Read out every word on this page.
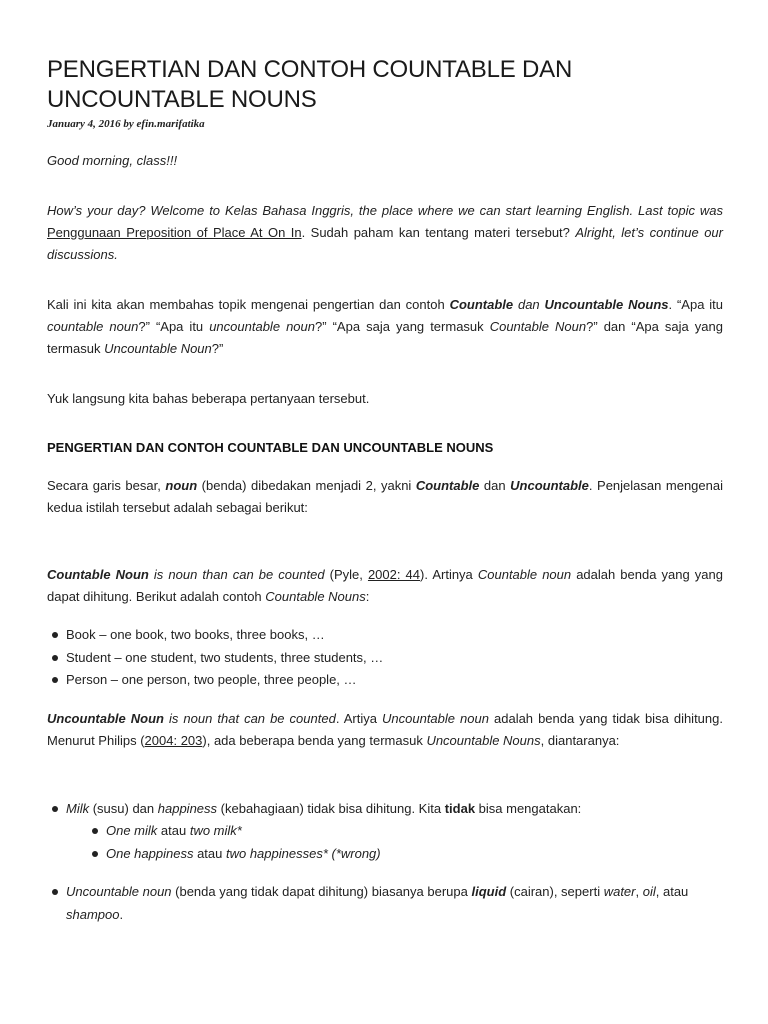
PENGERTIAN DAN CONTOH COUNTABLE DAN UNCOUNTABLE NOUNS
January 4, 2016 by efin.marifatika

Good morning, class!!!

How’s your day? Welcome to Kelas Bahasa Inggris, the place where we can start learning English. Last topic was Penggunaan Preposition of Place At On In. Sudah paham kan tentang materi tersebut? Alright, let’s continue our discussions.

Kali ini kita akan membahas topik mengenai pengertian dan contoh Countable dan Uncountable Nouns. “Apa itu countable noun?” “Apa itu uncountable noun?” “Apa saja yang termasuk Countable Noun?” dan “Apa saja yang termasuk Uncountable Noun?”

Yuk langsung kita bahas beberapa pertanyaan tersebut.

PENGERTIAN DAN CONTOH COUNTABLE DAN UNCOUNTABLE NOUNS

Secara garis besar, noun (benda) dibedakan menjadi 2, yakni Countable dan Uncountable. Penjelasan mengenai kedua istilah tersebut adalah sebagai berikut:

Countable Noun is noun than can be counted (Pyle, 2002: 44). Artinya Countable noun adalah benda yang yang dapat dihitung. Berikut adalah contoh Countable Nouns:

Book – one book, two books, three books, …
Student – one student, two students, three students, …
Person – one person, two people, three people, …

Uncountable Noun is noun that can be counted. Artiya Uncountable noun adalah benda yang tidak bisa dihitung. Menurut Philips (2004: 203), ada beberapa benda yang termasuk Uncountable Nouns, diantaranya:

Milk (susu) dan happiness (kebahagiaan) tidak bisa dihitung. Kita tidak bisa mengatakan:
One milk atau two milk*
One happiness atau two happinesses* (*wrong)
Uncountable noun (benda yang tidak dapat dihitung) biasanya berupa liquid (cairan), seperti water, oil, atau shampoo.
